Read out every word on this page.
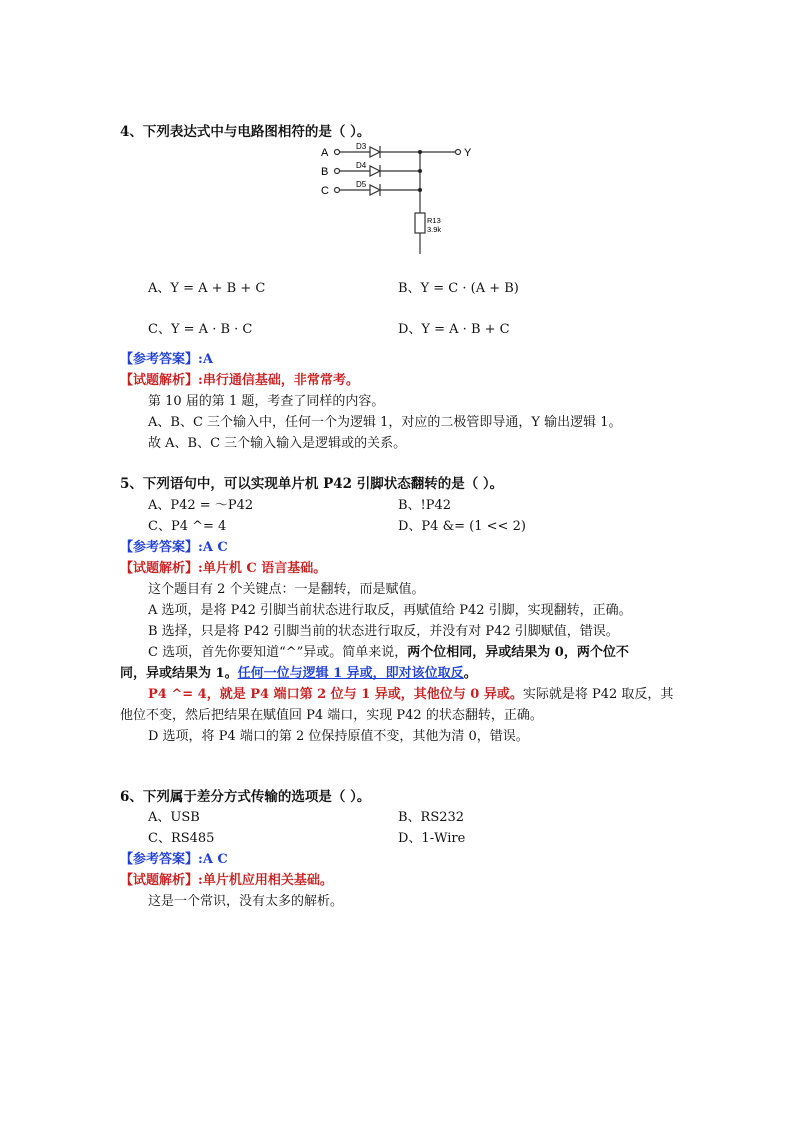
4、下列表达式中与电路图相符的是（ ）。
A
B
C
D3
D4
D5
Y
R13
3.9k
A、Y = A + B + C	B、Y = C · (A + B)
C、Y = A · B · C	D、Y = A · B + C
【参考答案】:A
【试题解析】:串行通信基础，非常常考。
第 10 届的第 1 题，考查了同样的内容。
A、B、C 三个输入中，任何一个为逻辑 1，对应的二极管即导通，Y 输出逻辑 1。
故 A、B、C 三个输入输入是逻辑或的关系。
5、下列语句中，可以实现单片机 P42 引脚状态翻转的是（ ）。
A、P42 = ～P42	B、!P42
C、P4 ^= 4	D、P4 &= (1 << 2)
【参考答案】:A C
【试题解析】:单片机 C 语言基础。
这个题目有 2 个关键点：一是翻转，而是赋值。
A 选项，是将 P42 引脚当前状态进行取反，再赋值给 P42 引脚，实现翻转，正确。
B 选择，只是将 P42 引脚当前的状态进行取反，并没有对 P42 引脚赋值，错误。
C 选项，首先你要知道“^”异或。简单来说，两个位相同，异或结果为 0，两个位不
同，异或结果为 1。任何一位与逻辑 1 异或，即对该位取反。
P4 ^= 4，就是 P4 端口第 2 位与 1 异或，其他位与 0 异或。实际就是将 P42 取反，其
他位不变，然后把结果在赋值回 P4 端口，实现 P42 的状态翻转，正确。
D 选项，将 P4 端口的第 2 位保持原值不变，其他为清 0，错误。
6、下列属于差分方式传输的选项是（ ）。
A、USB	B、RS232
C、RS485	D、1-Wire
【参考答案】:A C
【试题解析】:单片机应用相关基础。
这是一个常识，没有太多的解析。
